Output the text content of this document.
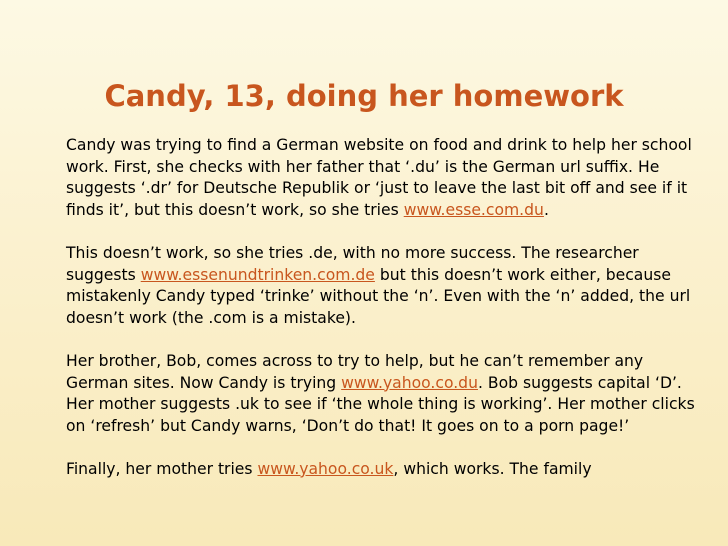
Candy, 13, doing her homework

Candy was trying to find a German website on food and drink to help her school work. First, she checks with her father that ‘.du’ is the German url suffix. He suggests ‘.dr’ for Deutsche Republik or ‘just to leave the last bit off and see if it finds it’, but this doesn’t work, so she tries www.esse.com.du.

This doesn’t work, so she tries .de, with no more success. The researcher suggests www.essenundtrinken.com.de but this doesn’t work either, because mistakenly Candy typed ‘trinke’ without the ‘n’. Even with the ‘n’ added, the url doesn’t work (the .com is a mistake).

Her brother, Bob, comes across to try to help, but he can’t remember any German sites. Now Candy is trying www.yahoo.co.du. Bob suggests capital ‘D’. Her mother suggests .uk to see if ‘the whole thing is working’. Her mother clicks on ‘refresh’ but Candy warns, ‘Don’t do that! It goes on to a porn page!’

Finally, her mother tries www.yahoo.co.uk, which works. The family
